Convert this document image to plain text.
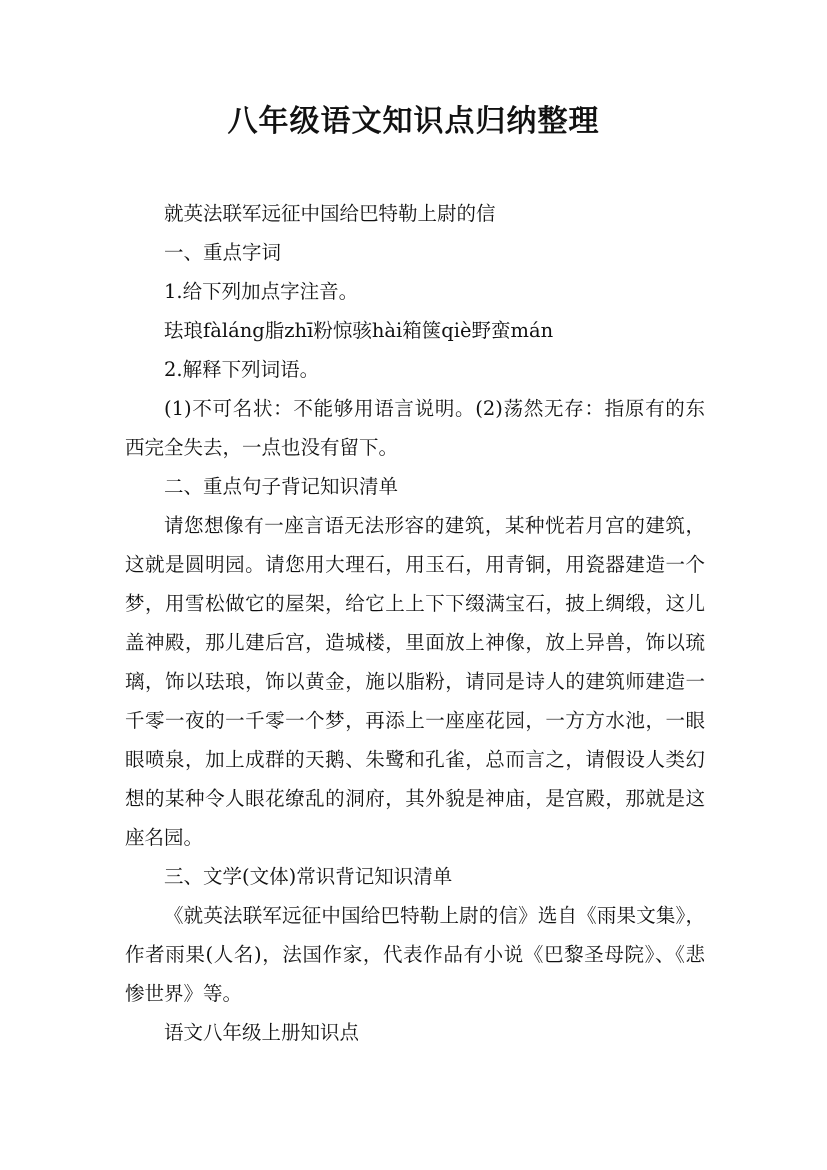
八年级语文知识点归纳整理

就英法联军远征中国给巴特勒上尉的信

一、重点字词

1.给下列加点字注音。

珐琅fàláng脂zhī粉惊骇hài箱箧qiè野蛮mán

2.解释下列词语。

(1)不可名状：不能够用语言说明。(2)荡然无存：指原有的东西完全失去，一点也没有留下。

二、重点句子背记知识清单

请您想像有一座言语无法形容的建筑，某种恍若月宫的建筑，这就是圆明园。请您用大理石，用玉石，用青铜，用瓷器建造一个梦，用雪松做它的屋架，给它上上下下缀满宝石，披上绸缎，这儿盖神殿，那儿建后宫，造城楼，里面放上神像，放上异兽，饰以琉璃，饰以珐琅，饰以黄金，施以脂粉，请同是诗人的建筑师建造一千零一夜的一千零一个梦，再添上一座座花园，一方方水池，一眼眼喷泉，加上成群的天鹅、朱鹭和孔雀，总而言之，请假设人类幻想的某种令人眼花缭乱的洞府，其外貌是神庙，是宫殿，那就是这座名园。

三、文学(文体)常识背记知识清单

《就英法联军远征中国给巴特勒上尉的信》选自《雨果文集》，作者雨果(人名)，法国作家，代表作品有小说《巴黎圣母院》、《悲惨世界》等。

语文八年级上册知识点
